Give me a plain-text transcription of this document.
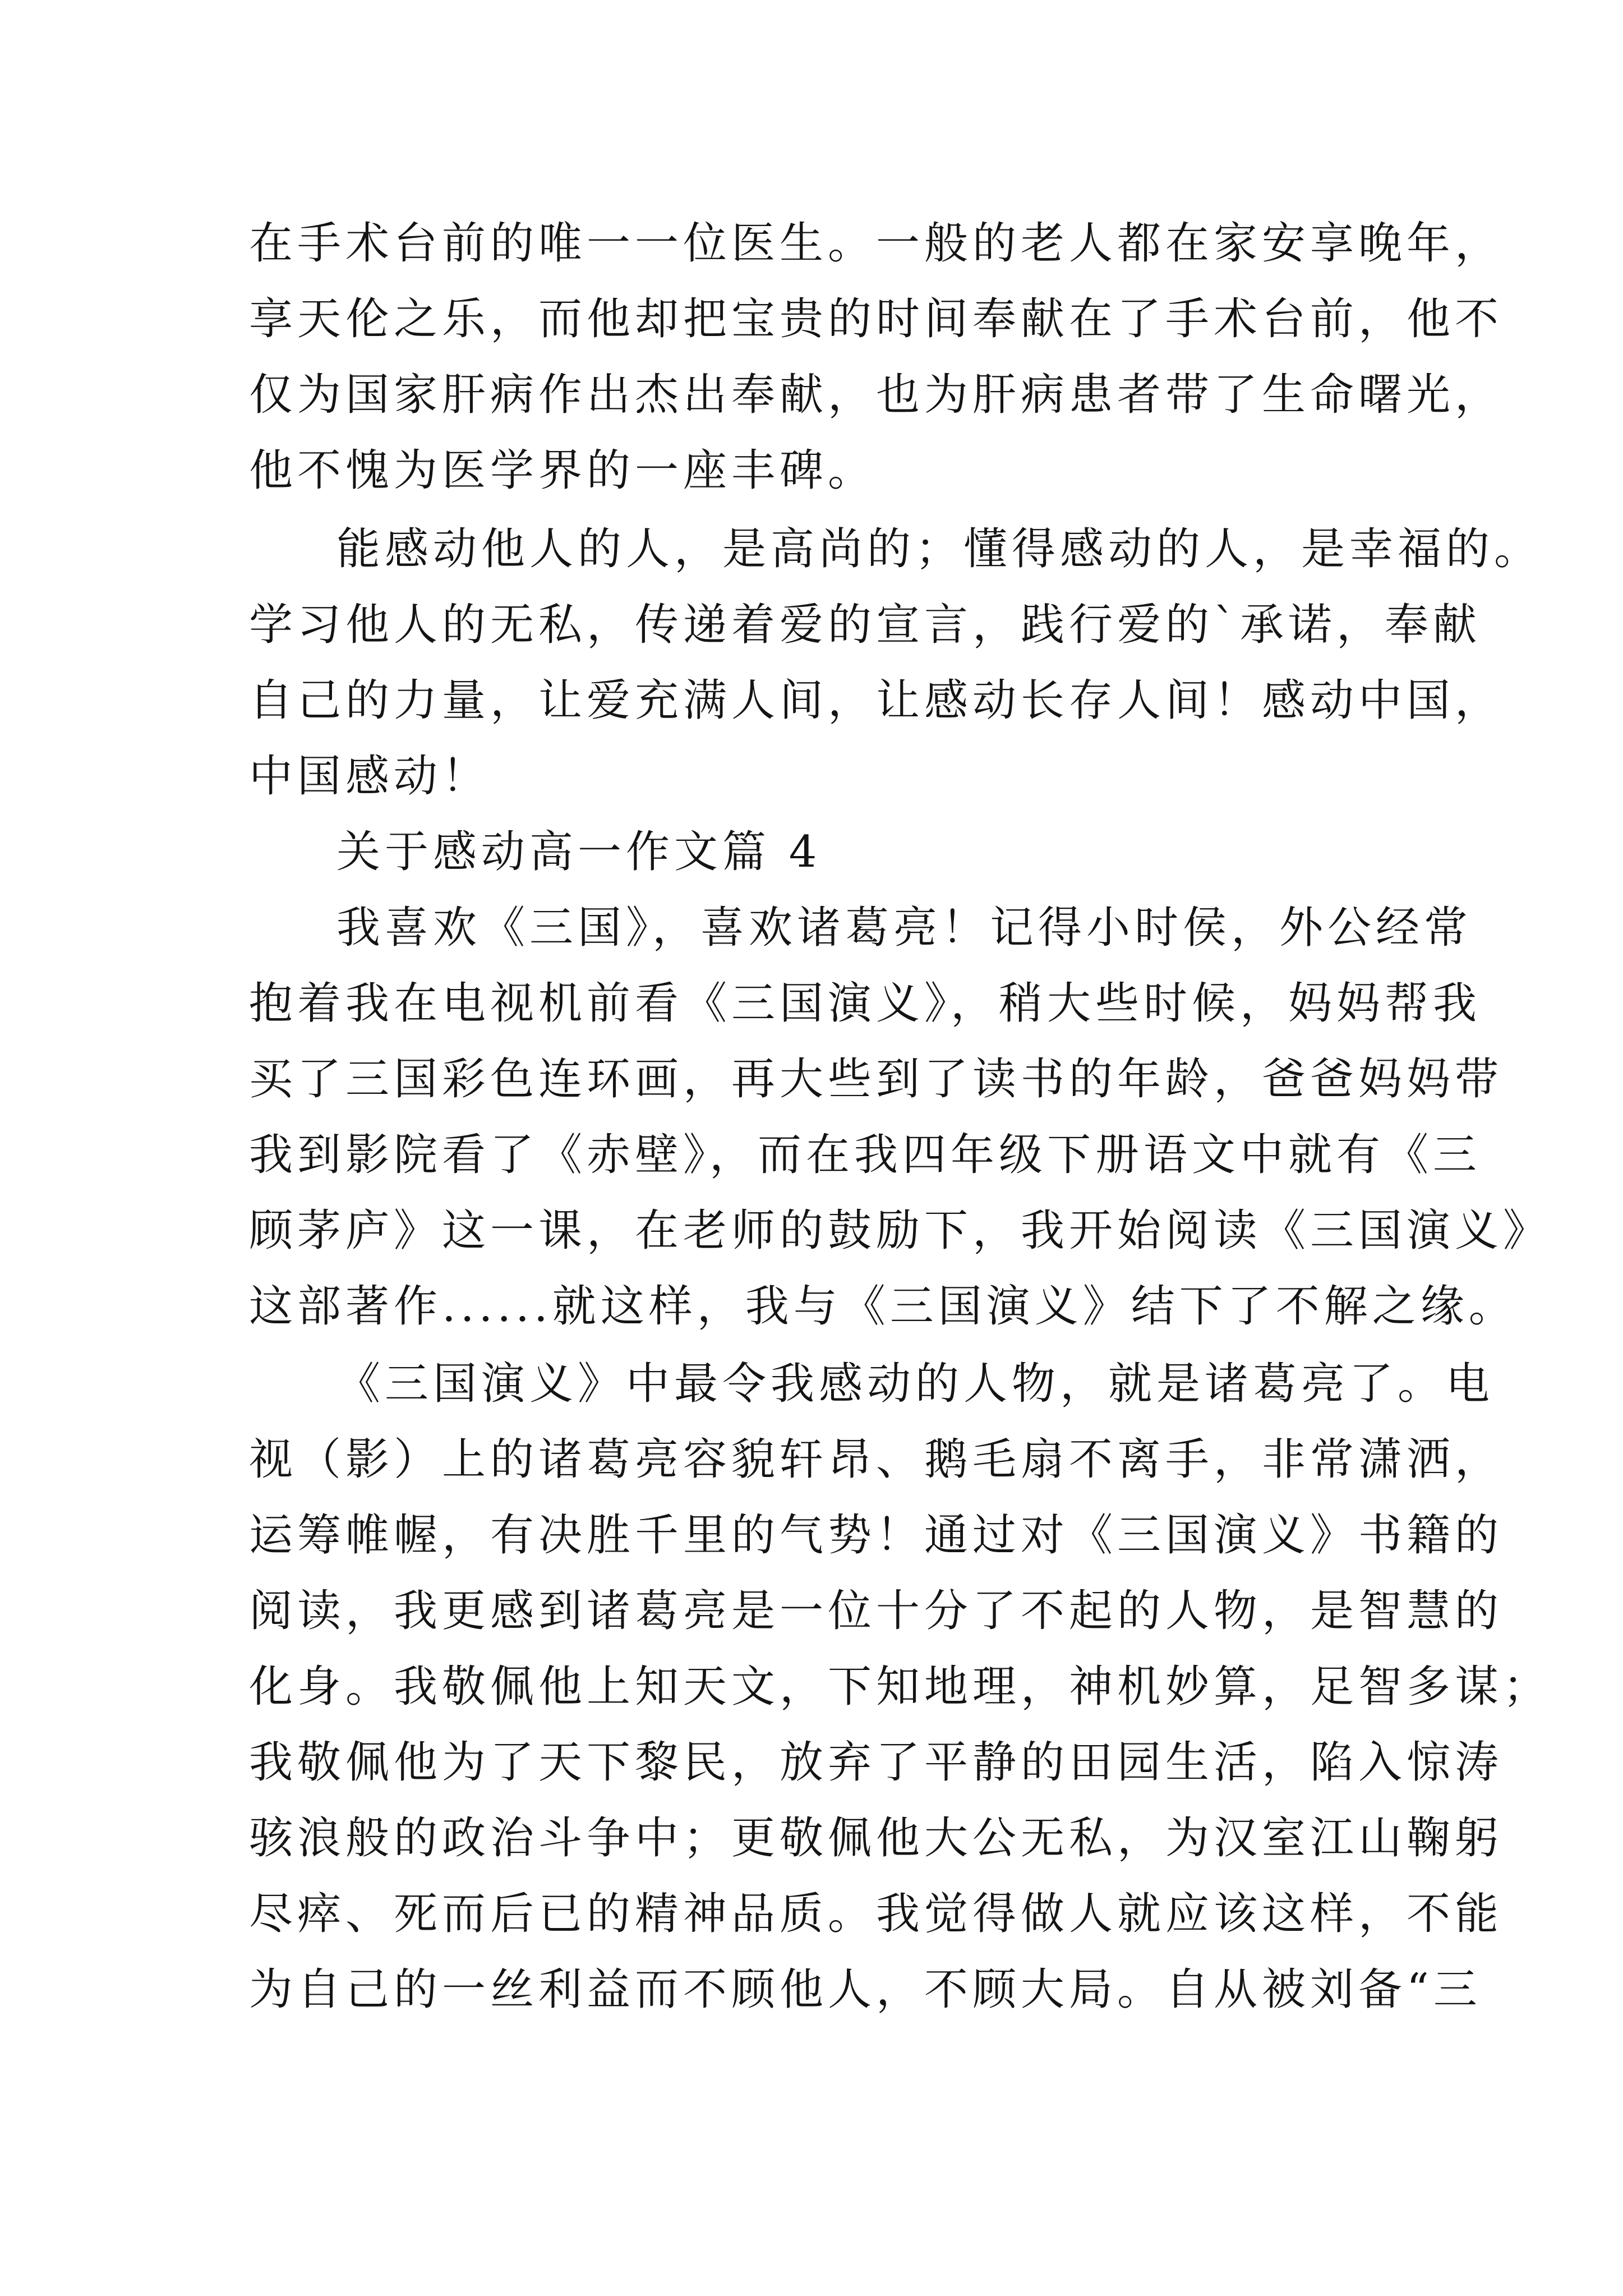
在手术台前的唯一一位医生。一般的老人都在家安享晚年，
享天伦之乐，而他却把宝贵的时间奉献在了手术台前，他不
仅为国家肝病作出杰出奉献，也为肝病患者带了生命曙光，
他不愧为医学界的一座丰碑。
能感动他人的人，是高尚的；懂得感动的人，是幸福的。
学习他人的无私，传递着爱的宣言，践行爱的`承诺，奉献
自己的力量，让爱充满人间，让感动长存人间！感动中国，
中国感动！
关于感动高一作文篇 4
我喜欢《三国》，喜欢诸葛亮！记得小时侯，外公经常
抱着我在电视机前看《三国演义》，稍大些时候，妈妈帮我
买了三国彩色连环画，再大些到了读书的年龄，爸爸妈妈带
我到影院看了《赤壁》，而在我四年级下册语文中就有《三
顾茅庐》这一课，在老师的鼓励下，我开始阅读《三国演义》
这部著作......就这样，我与《三国演义》结下了不解之缘。
《三国演义》中最令我感动的人物，就是诸葛亮了。电
视（影）上的诸葛亮容貌轩昂、鹅毛扇不离手，非常潇洒，
运筹帷幄，有决胜千里的气势！通过对《三国演义》书籍的
阅读，我更感到诸葛亮是一位十分了不起的人物，是智慧的
化身。我敬佩他上知天文，下知地理，神机妙算，足智多谋；
我敬佩他为了天下黎民，放弃了平静的田园生活，陷入惊涛
骇浪般的政治斗争中；更敬佩他大公无私，为汉室江山鞠躬
尽瘁、死而后已的精神品质。我觉得做人就应该这样，不能
为自己的一丝利益而不顾他人，不顾大局。自从被刘备“三
